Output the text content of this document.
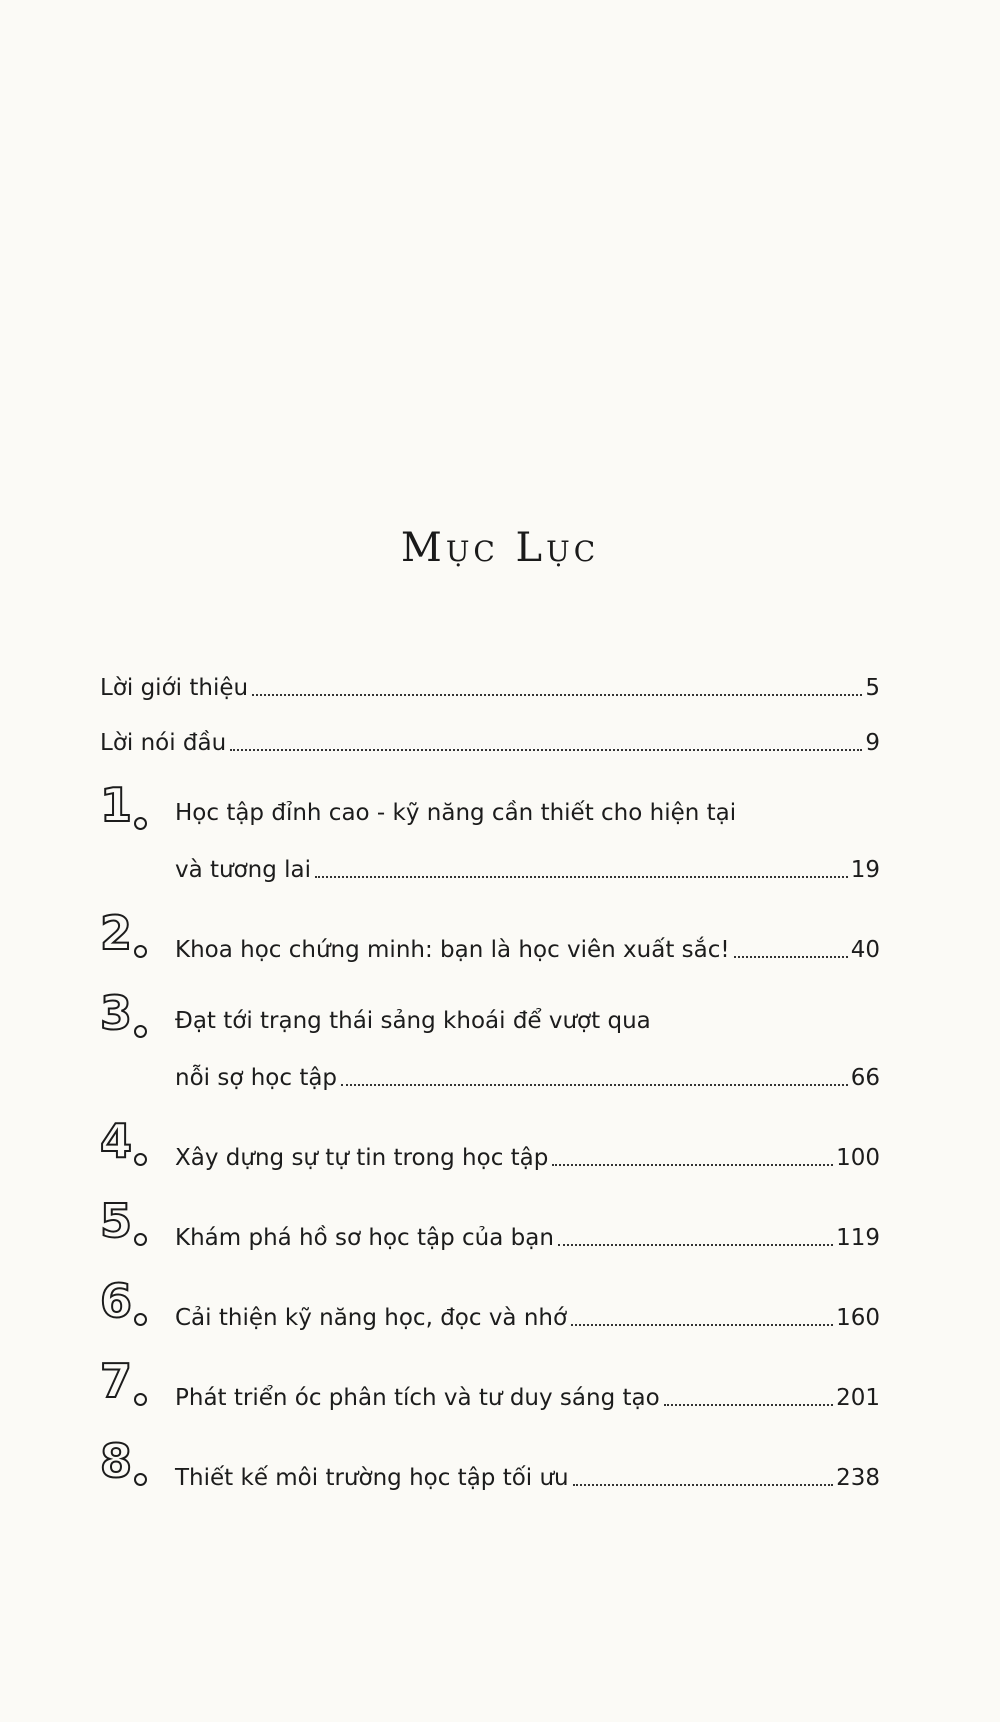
Mục Lục
Lời giới thiệu	5
Lời nói đầu	9
1	Học tập đỉnh cao - kỹ năng cần thiết cho hiện tại
và tương lai	19
2	Khoa học chứng minh: bạn là học viên xuất sắc!	40
3	Đạt tới trạng thái sảng khoái để vượt qua
nỗi sợ học tập	66
4	Xây dựng sự tự tin trong học tập	100
5	Khám phá hồ sơ học tập của bạn	119
6	Cải thiện kỹ năng học, đọc và nhớ	160
7	Phát triển óc phân tích và tư duy sáng tạo	201
8	Thiết kế môi trường học tập tối ưu	238
